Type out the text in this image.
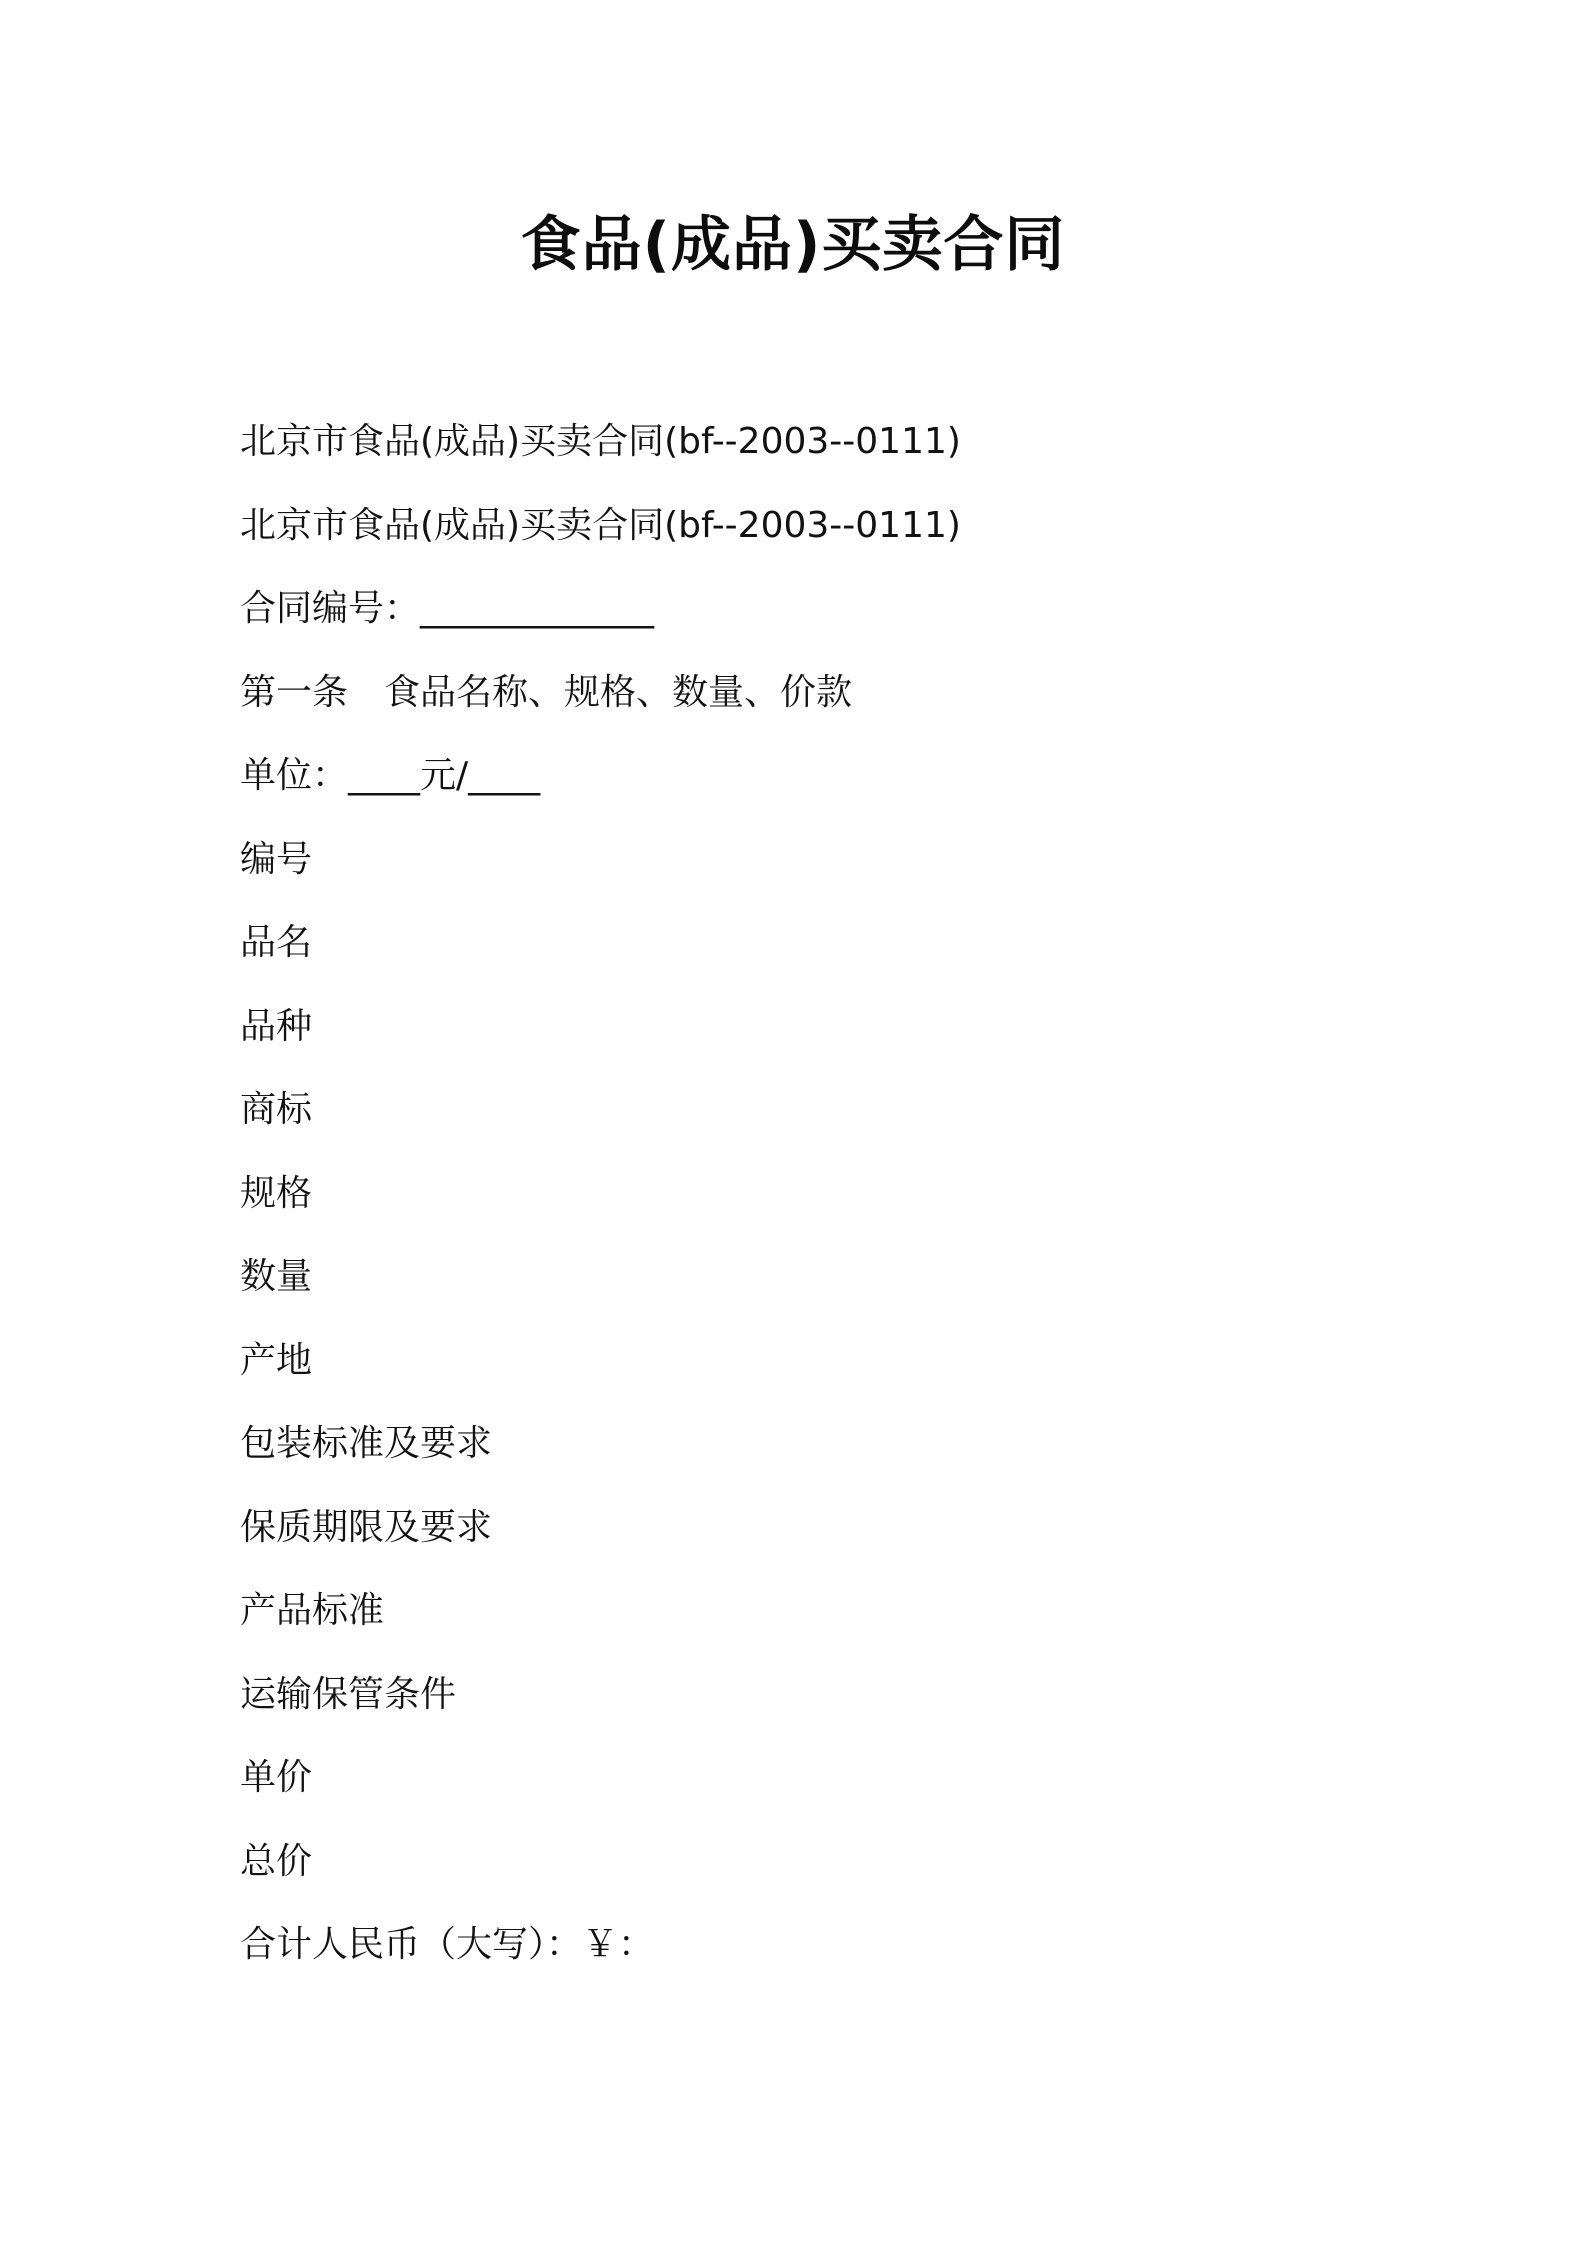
食品(成品)买卖合同
北京市食品(成品)买卖合同(bf--2003--0111)
北京市食品(成品)买卖合同(bf--2003--0111)
合同编号：_____________
第一条　食品名称、规格、数量、价款
单位：____元/____
编号
品名
品种
商标
规格
数量
产地
包装标准及要求
保质期限及要求
产品标准
运输保管条件
单价
总价
合计人民币（大写）：￥：
